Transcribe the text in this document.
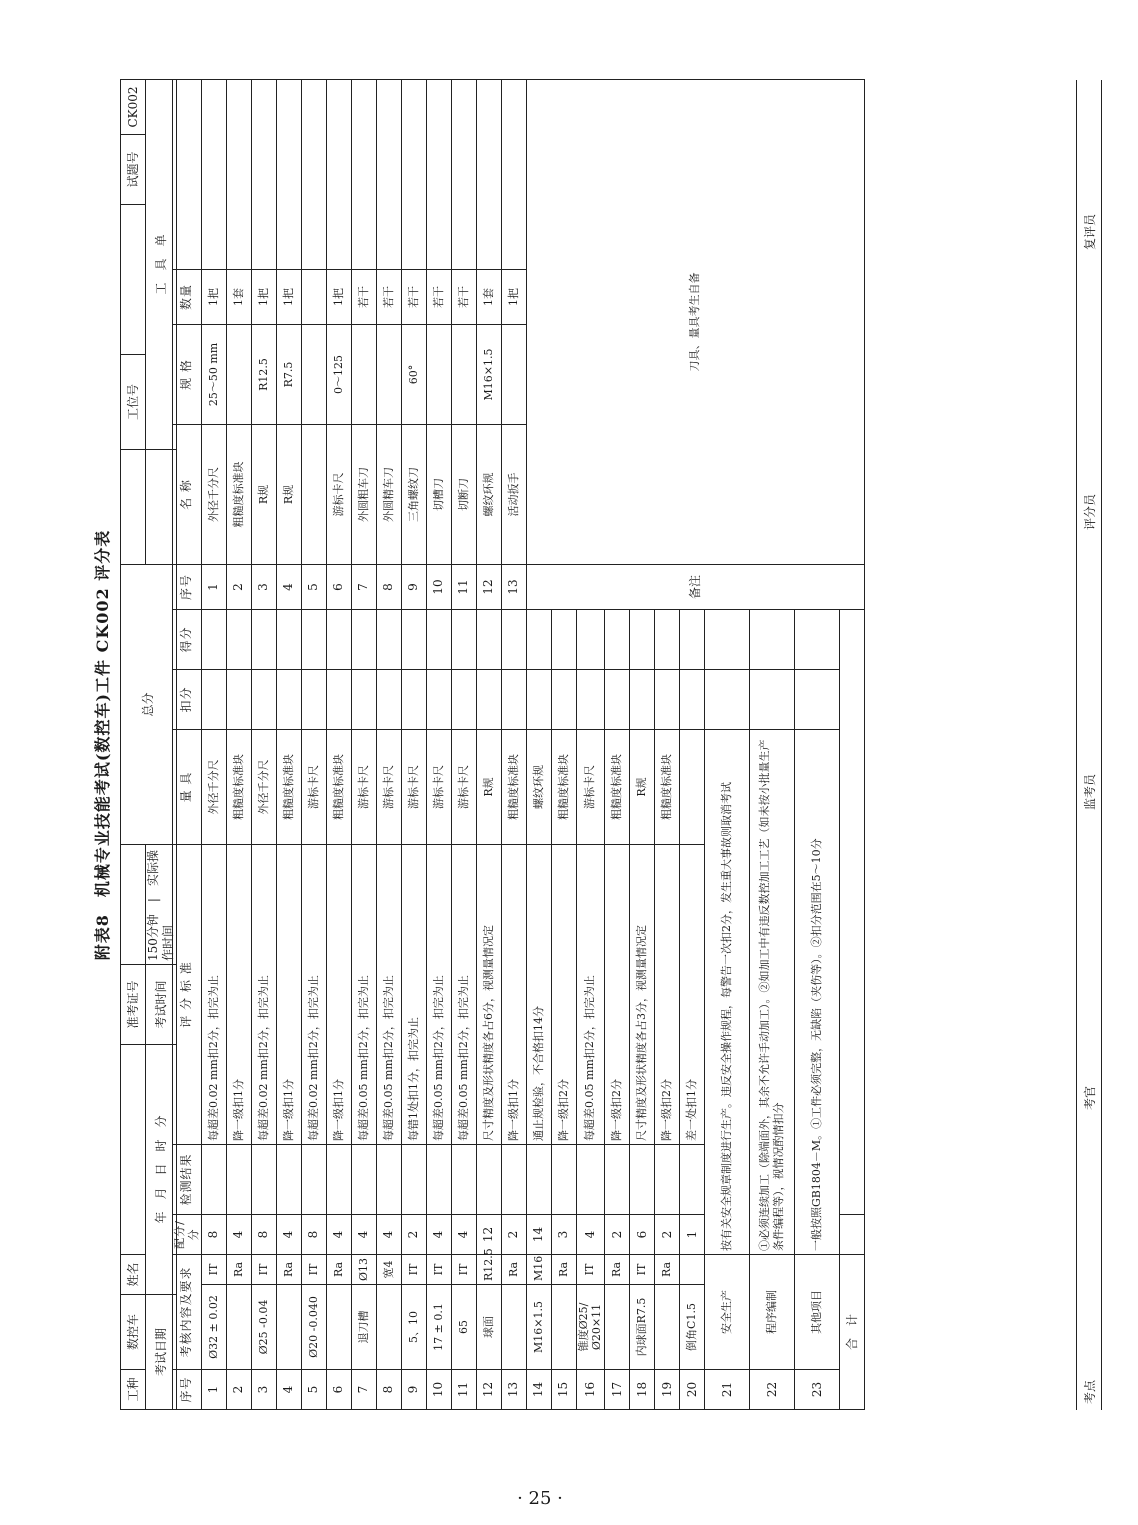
附表8　机械专业技能考试(数控车)工件 CK002 评分表
工种	数控车	姓名		准考证号		总分		工位号		试题号	CK002
考试日期		年　月　日　时　分		考试时间	150分钟　|　实际操作时间			工　具　单			
序号	考核内容及要求		配分/分	检测结果	评 分 标 准	量 具	扣分	得分	序号	名 称	规 格	数量	
1	Ø32 ± 0.02	IT	8		每超差0.02 mm扣2分，扣完为止	外径千分尺			1	外径千分尺	25～50 mm	1把	
2		Ra	4		降一级扣1分	粗糙度标准块			2	粗糙度标准块		1套	
3	Ø25 -0.04	IT	8		每超差0.02 mm扣2分，扣完为止	外径千分尺			3	R规	R12.5	1把	
4		Ra	4		降一级扣1分	粗糙度标准块			4	R规	R7.5	1把	
5	Ø20 -0.040	IT	8		每超差0.02 mm扣2分，扣完为止	游标卡尺			5				
6		Ra	4		降一级扣1分	粗糙度标准块			6	游标卡尺	0～125	1把	
7	退刀槽	Ø13	4		每超差0.05 mm扣2分，扣完为止	游标卡尺			7	外圆粗车刀		若干	
8		宽4	4		每超差0.05 mm扣2分，扣完为止	游标卡尺			8	外圆精车刀		若干	
9	5、10	IT	2		每错1处扣1分，扣完为止	游标卡尺			9	三角螺纹刀	60°	若干	
10	17 ± 0.1	IT	4		每超差0.05 mm扣2分，扣完为止	游标卡尺			10	切槽刀		若干	
11	65	IT	4		每超差0.05 mm扣2分，扣完为止	游标卡尺			11	切断刀		若干	
12	球面	R12.5	12		尺寸精度及形状精度各占6分，视测量情况定	R规			12	螺纹环规	M16×1.5	1套	
13		Ra	2		降一级扣1分	粗糙度标准块			13	活动扳手		1把	
14	M16×1.5	M16	14		通止规检验，不合格扣14分	螺纹环规			备注	刀具、量具考生自备			
15		Ra	3		降一级扣2分	粗糙度标准块							
16	锥度Ø25/Ø20×11	IT	4		每超差0.05 mm扣2分，扣完为止	游标卡尺							
17		Ra	2		降一级扣2分	粗糙度标准块							
18	内球面R7.5	IT	6		尺寸精度及形状精度各占3分，视测量情况定	R规							
19		Ra	2		降一级扣2分	粗糙度标准块							
20	倒角C1.5		1		差一处扣1分								
21	安全生产		按有关安全规章制度进行生产。违反安全操作规程，每警告一次扣2分，发生重大事故则取消考试										
22	程序编制		①必须连续加工（除端面外，其余不允许手动加工）。②如加工中有违反数控加工工艺（如未按小批量生产条件编程等），视情况酌情扣分										
23	其他项目		一般按照GB1804－M。①工件必须完整，无缺陷（夹伤等）。②扣分范围在5～10分										
合　计													
考点
考官
监考员
评分员
复评员
· 25 ·
